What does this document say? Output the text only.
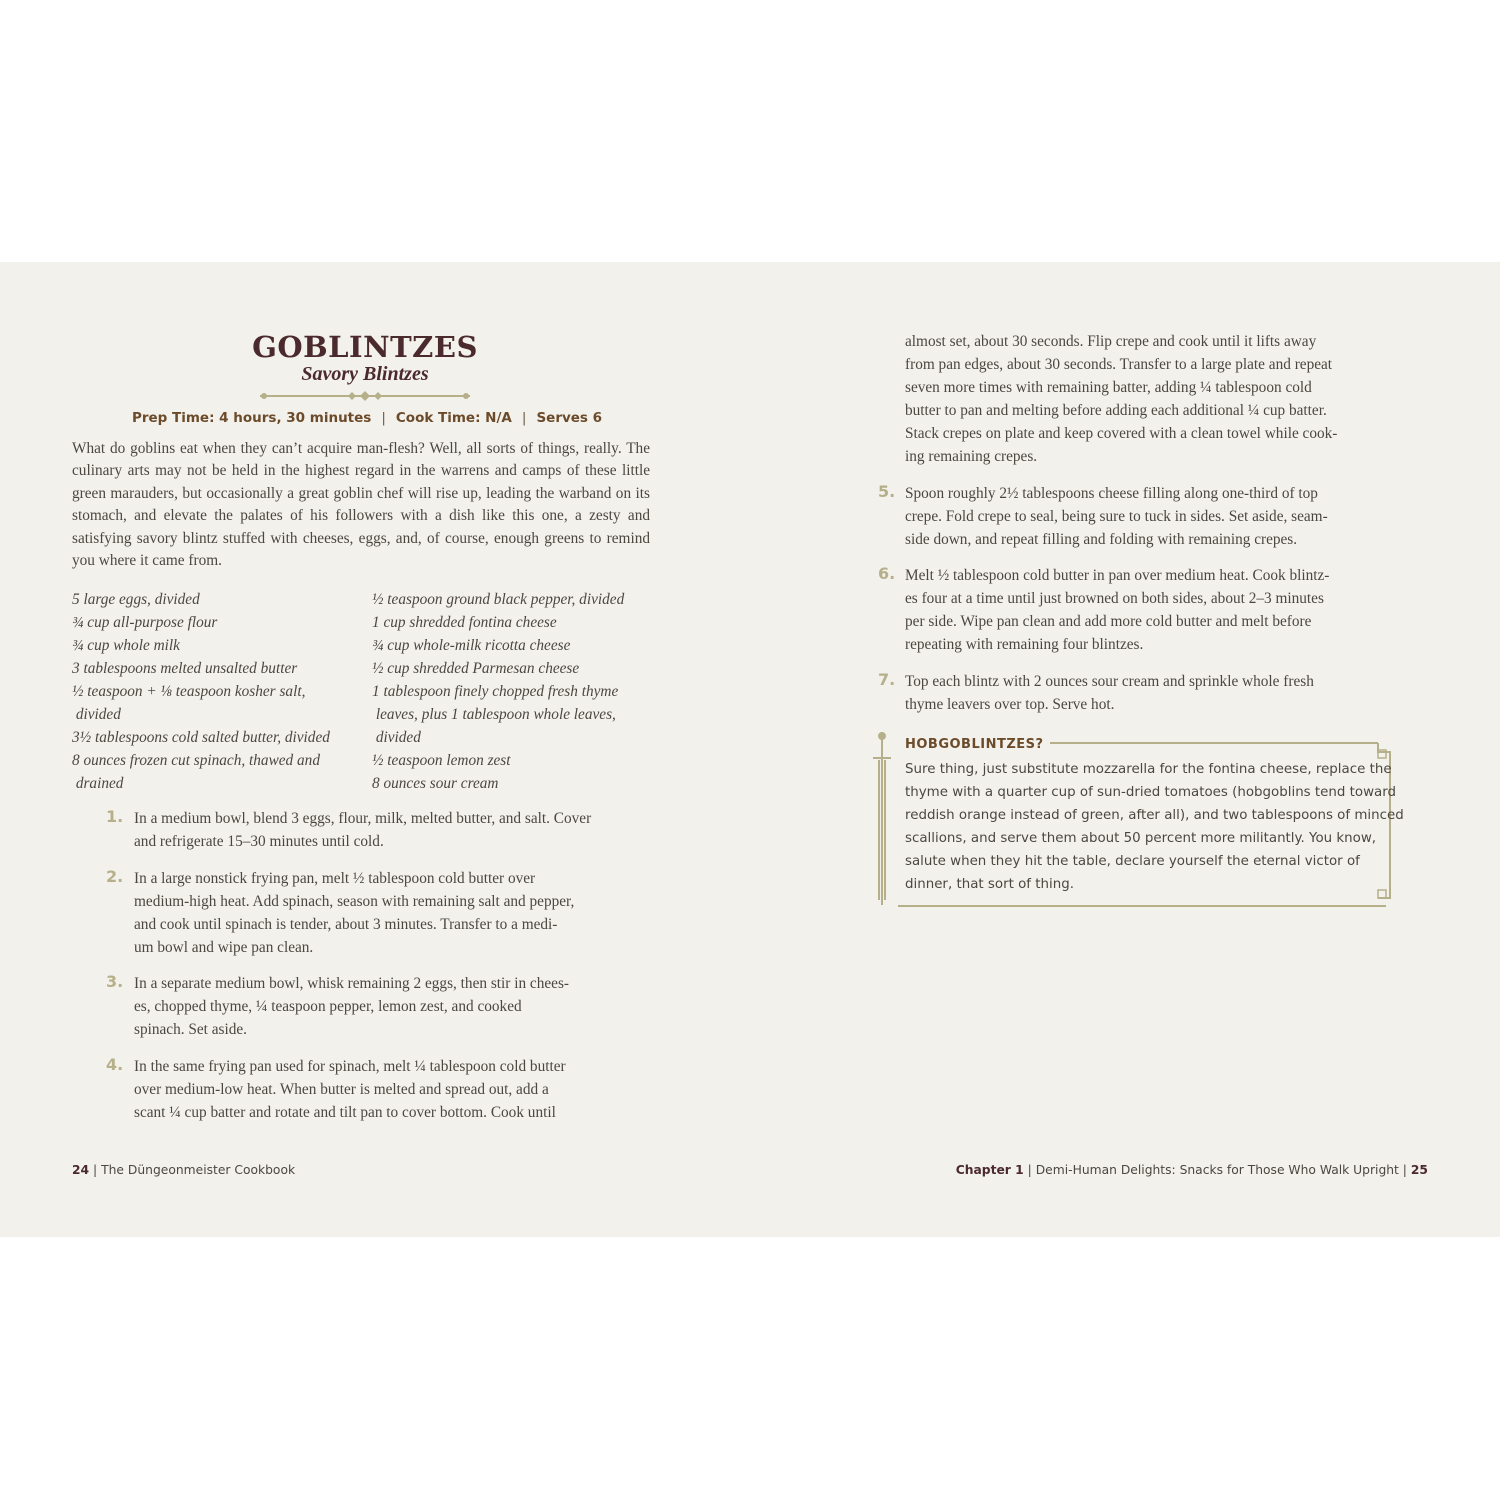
GOBLINTZES
Savory Blintzes
Prep Time: 4 hours, 30 minutes | Cook Time: N/A | Serves 6
What do goblins eat when they can’t acquire man-flesh? Well, all sorts of things, really. The culinary arts may not be held in the highest regard in the warrens and camps of these little green marauders, but occasionally a great goblin chef will rise up, leading the warband on its stomach, and elevate the palates of his followers with a dish like this one, a zesty and satisfying savory blintz stuffed with cheeses, eggs, and, of course, enough greens to remind you where it came from.
5 large eggs, divided
¾ cup all-purpose flour
¾ cup whole milk
3 tablespoons melted unsalted butter
½ teaspoon + ⅛ teaspoon kosher salt,
divided
3½ tablespoons cold salted butter, divided
8 ounces frozen cut spinach, thawed and
drained
½ teaspoon ground black pepper, divided
1 cup shredded fontina cheese
¾ cup whole-milk ricotta cheese
½ cup shredded Parmesan cheese
1 tablespoon finely chopped fresh thyme
leaves, plus 1 tablespoon whole leaves,
divided
½ teaspoon lemon zest
8 ounces sour cream
1. In a medium bowl, blend 3 eggs, flour, milk, melted butter, and salt. Cover
and refrigerate 15–30 minutes until cold.
2. In a large nonstick frying pan, melt ½ tablespoon cold butter over
medium-high heat. Add spinach, season with remaining salt and pepper,
and cook until spinach is tender, about 3 minutes. Transfer to a medi-
um bowl and wipe pan clean.
3. In a separate medium bowl, whisk remaining 2 eggs, then stir in chees-
es, chopped thyme, ¼ teaspoon pepper, lemon zest, and cooked
spinach. Set aside.
4. In the same frying pan used for spinach, melt ¼ tablespoon cold butter
over medium-low heat. When butter is melted and spread out, add a
scant ¼ cup batter and rotate and tilt pan to cover bottom. Cook until
almost set, about 30 seconds. Flip crepe and cook until it lifts away
from pan edges, about 30 seconds. Transfer to a large plate and repeat
seven more times with remaining batter, adding ¼ tablespoon cold
butter to pan and melting before adding each additional ¼ cup batter.
Stack crepes on plate and keep covered with a clean towel while cook-
ing remaining crepes.
5. Spoon roughly 2½ tablespoons cheese filling along one-third of top
crepe. Fold crepe to seal, being sure to tuck in sides. Set aside, seam-
side down, and repeat filling and folding with remaining crepes.
6. Melt ½ tablespoon cold butter in pan over medium heat. Cook blintz-
es four at a time until just browned on both sides, about 2–3 minutes
per side. Wipe pan clean and add more cold butter and melt before
repeating with remaining four blintzes.
7. Top each blintz with 2 ounces sour cream and sprinkle whole fresh
thyme leavers over top. Serve hot.
HOBGOBLINTZES?
Sure thing, just substitute mozzarella for the fontina cheese, replace the
thyme with a quarter cup of sun-dried tomatoes (hobgoblins tend toward
reddish orange instead of green, after all), and two tablespoons of minced
scallions, and serve them about 50 percent more militantly. You know,
salute when they hit the table, declare yourself the eternal victor of
dinner, that sort of thing.
24 | The Düngeonmeister Cookbook	Chapter 1 | Demi-Human Delights: Snacks for Those Who Walk Upright | 25
